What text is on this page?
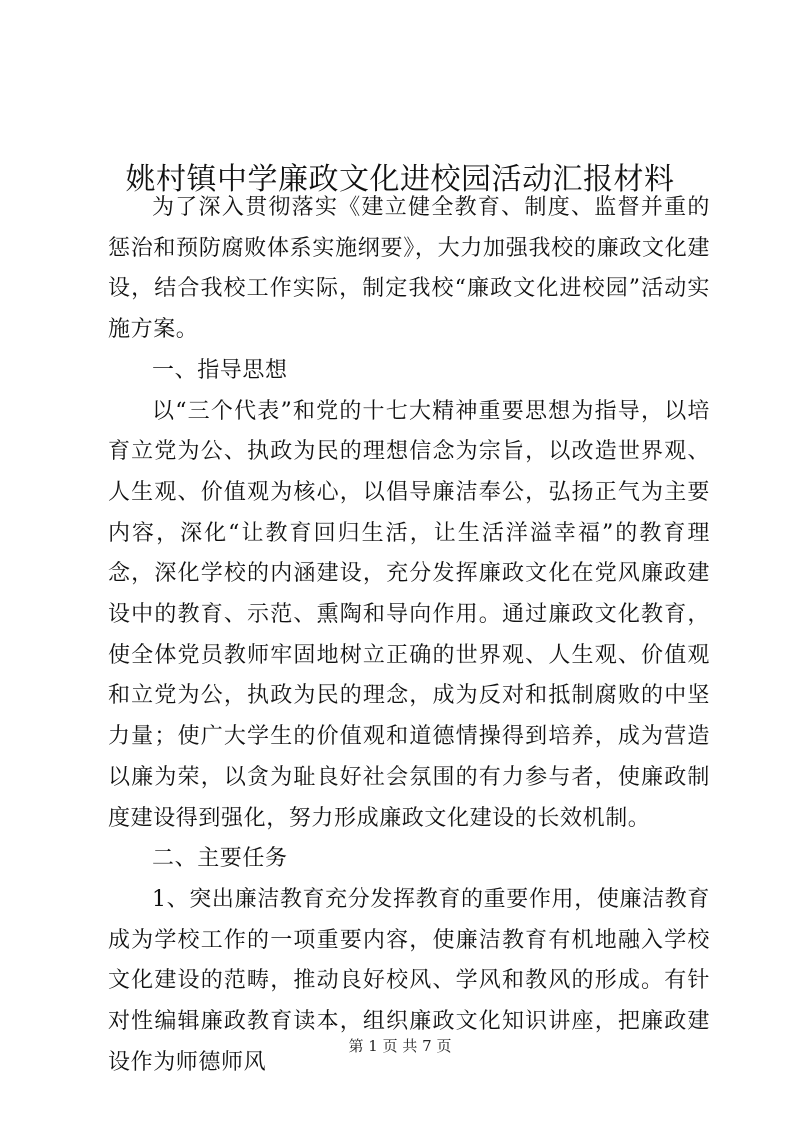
姚村镇中学廉政文化进校园活动汇报材料

为了深入贯彻落实《建立健全教育、制度、监督并重的惩治和预防腐败体系实施纲要》，大力加强我校的廉政文化建设，结合我校工作实际，制定我校“廉政文化进校园”活动实施方案。

一、指导思想

以“三个代表”和党的十七大精神重要思想为指导，以培育立党为公、执政为民的理想信念为宗旨，以改造世界观、人生观、价值观为核心，以倡导廉洁奉公，弘扬正气为主要内容，深化“让教育回归生活，让生活洋溢幸福”的教育理念，深化学校的内涵建设，充分发挥廉政文化在党风廉政建设中的教育、示范、熏陶和导向作用。通过廉政文化教育，使全体党员教师牢固地树立正确的世界观、人生观、价值观和立党为公，执政为民的理念，成为反对和抵制腐败的中坚力量；使广大学生的价值观和道德情操得到培养，成为营造以廉为荣，以贪为耻良好社会氛围的有力参与者，使廉政制度建设得到强化，努力形成廉政文化建设的长效机制。

二、主要任务

1、突出廉洁教育充分发挥教育的重要作用，使廉洁教育成为学校工作的一项重要内容，使廉洁教育有机地融入学校文化建设的范畴，推动良好校风、学风和教风的形成。有针对性编辑廉政教育读本，组织廉政文化知识讲座，把廉政建设作为师德师风

第 1 页 共 7 页
